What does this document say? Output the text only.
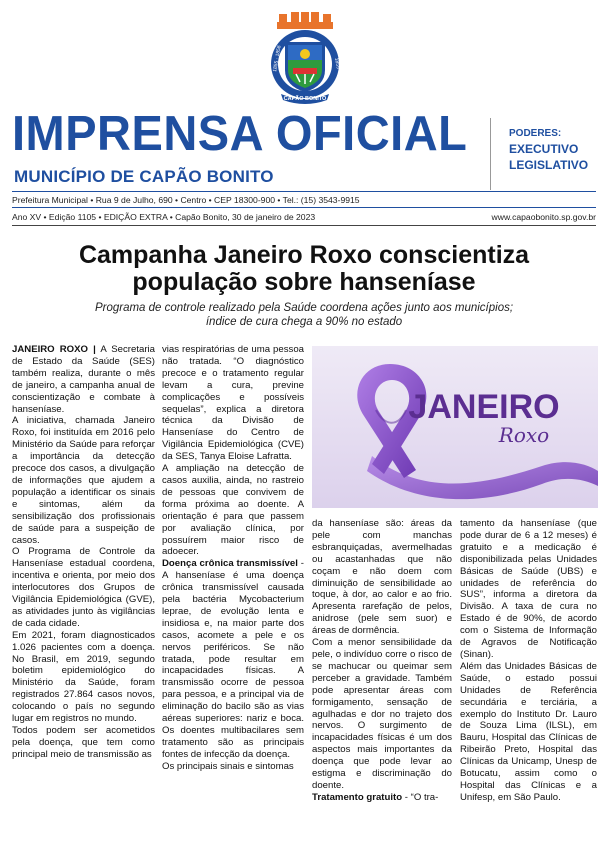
1855 · 1858	1855 · 1858
CAPÃO BONITO
IMPRENSA OFICIAL
MUNICÍPIO DE CAPÃO BONITO
PODERES:
EXECUTIVO
LEGISLATIVO
Prefeitura Municipal • Rua 9 de Julho, 690 • Centro • CEP 18300-900 • Tel.: (15) 3543-9915
Ano XV • Edição 1105 • EDIÇÃO EXTRA • Capão Bonito, 30 de janeiro de 2023	www.capaobonito.sp.gov.br
Campanha Janeiro Roxo conscientiza população sobre hanseníase
Programa de controle realizado pela Saúde coordena ações junto aos municípios;
índice de cura chega a 90% no estado

JANEIRO ROXO | A Secretaria de Estado da Saúde (SES) também realiza, durante o mês de janeiro, a campanha anual de conscientização e combate à hanseníase.

A iniciativa, chamada Janeiro Roxo, foi instituída em 2016 pelo Ministério da Saúde para reforçar a importância da detecção precoce dos casos, a divulgação de informações que ajudem a população a identificar os sinais e sintomas, além da sensibilização dos profissionais de saúde para a suspeição de casos.

O Programa de Controle da Hanseníase estadual coordena, incentiva e orienta, por meio dos interlocutores dos Grupos de Vigilância Epidemiológica (GVE), as atividades junto às vigilâncias de cada cidade.

Em 2021, foram diagnosticados 1.026 pacientes com a doença. No Brasil, em 2019, segundo boletim epidemiológico do Ministério da Saúde, foram registrados 27.864 casos novos, colocando o país no segundo lugar em registros no mundo.

Todos podem ser acometidos pela doença, que tem como principal meio de transmissão as

vias respiratórias de uma pessoa não tratada. “O diagnóstico precoce e o tratamento regular levam a cura, previne complicações e possíveis sequelas”, explica a diretora técnica da Divisão de Hanseníase do Centro de Vigilância Epidemiológica (CVE) da SES, Tanya Eloise Lafratta.

A ampliação na detecção de casos auxilia, ainda, no rastreio de pessoas que convivem de forma próxima ao doente. A orientação é para que passem por avaliação clínica, por possuírem maior risco de adoecer.

Doença crônica transmissível - A hanseníase é uma doença crônica transmissível causada pela bactéria Mycobacterium leprae, de evolução lenta e insidiosa e, na maior parte dos casos, acomete a pele e os nervos periféricos. Se não tratada, pode resultar em incapacidades físicas. A transmissão ocorre de pessoa para pessoa, e a principal via de eliminação do bacilo são as vias aéreas superiores: nariz e boca. Os doentes multibacilares sem tratamento são as principais fontes de infecção da doença.

Os principais sinais e sintomas

JANEIRO
Roxo

da hanseníase são: áreas da pele com manchas esbranquiçadas, avermelhadas ou acastanhadas que não coçam e não doem com diminuição de sensibilidade ao toque, à dor, ao calor e ao frio. Apresenta rarefação de pelos, anidrose (pele sem suor) e áreas de dormência.

Com a menor sensibilidade da pele, o indivíduo corre o risco de se machucar ou queimar sem perceber a gravidade. Também pode apresentar áreas com formigamento, sensação de agulhadas e dor no trajeto dos nervos. O surgimento de incapacidades físicas é um dos aspectos mais importantes da doença que pode levar ao estigma e discriminação do doente.

Tratamento gratuito - “O tra-

tamento da hanseníase (que pode durar de 6 a 12 meses) é gratuito e a medicação é disponibilizada pelas Unidades Básicas de Saúde (UBS) e unidades de referência do SUS”, informa a diretora da Divisão. A taxa de cura no Estado é de 90%, de acordo com o Sistema de Informação de Agravos de Notificação (Sinan).

Além das Unidades Básicas de Saúde, o estado possui Unidades de Referência secundária e terciária, a exemplo do Instituto Dr. Lauro de Souza Lima (ILSL), em Bauru, Hospital das Clínicas de Ribeirão Preto, Hospital das Clínicas da Unicamp, Unesp de Botucatu, assim como o Hospital das Clínicas e a Unifesp, em São Paulo.
